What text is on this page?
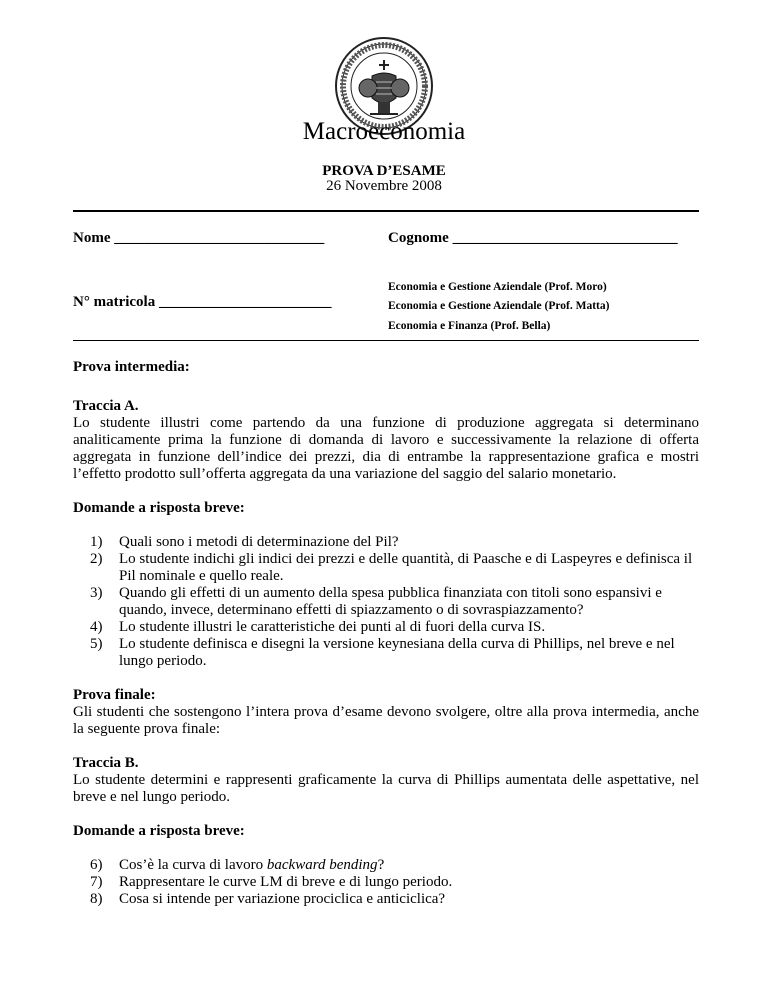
Macroeconomia
PROVA D’ESAME
26 Novembre 2008
Nome ____________________________	Cognome ______________________________
Economia e Gestione Aziendale (Prof. Moro)
N° matricola _______________________	Economia e Gestione Aziendale (Prof. Matta)
Economia e Finanza (Prof. Bella)

Prova intermedia:

Traccia A.

Lo studente illustri come partendo da una funzione di produzione aggregata si determinano analiticamente prima la funzione di domanda di lavoro e successivamente la relazione di offerta aggregata in funzione dell’indice dei prezzi, dia di entrambe la rappresentazione grafica e mostri l’effetto prodotto sull’offerta aggregata da una variazione del saggio del salario monetario.

Domande a risposta breve:

1) Quali sono i metodi di determinazione del Pil?
2) Lo studente indichi gli indici dei prezzi e delle quantità, di Paasche e di Laspeyres e definisca il Pil nominale e quello reale.
3) Quando gli effetti di un aumento della spesa pubblica finanziata con titoli sono espansivi e quando, invece, determinano effetti di spiazzamento o di sovraspiazzamento?
4) Lo studente illustri le caratteristiche dei punti al di fuori della curva IS.
5) Lo studente definisca e disegni la versione keynesiana della curva di Phillips, nel breve e nel lungo periodo.

Prova finale:

Gli studenti che sostengono l’intera prova d’esame devono svolgere, oltre alla prova intermedia, anche la seguente prova finale:

Traccia B.

Lo studente determini e rappresenti graficamente la curva di Phillips aumentata delle aspettative, nel breve e nel lungo periodo.

Domande a risposta breve:

6) Cos’è la curva di lavoro backward bending?
7) Rappresentare le curve LM di breve e di lungo periodo.
8) Cosa si intende per variazione prociclica e anticiclica?
